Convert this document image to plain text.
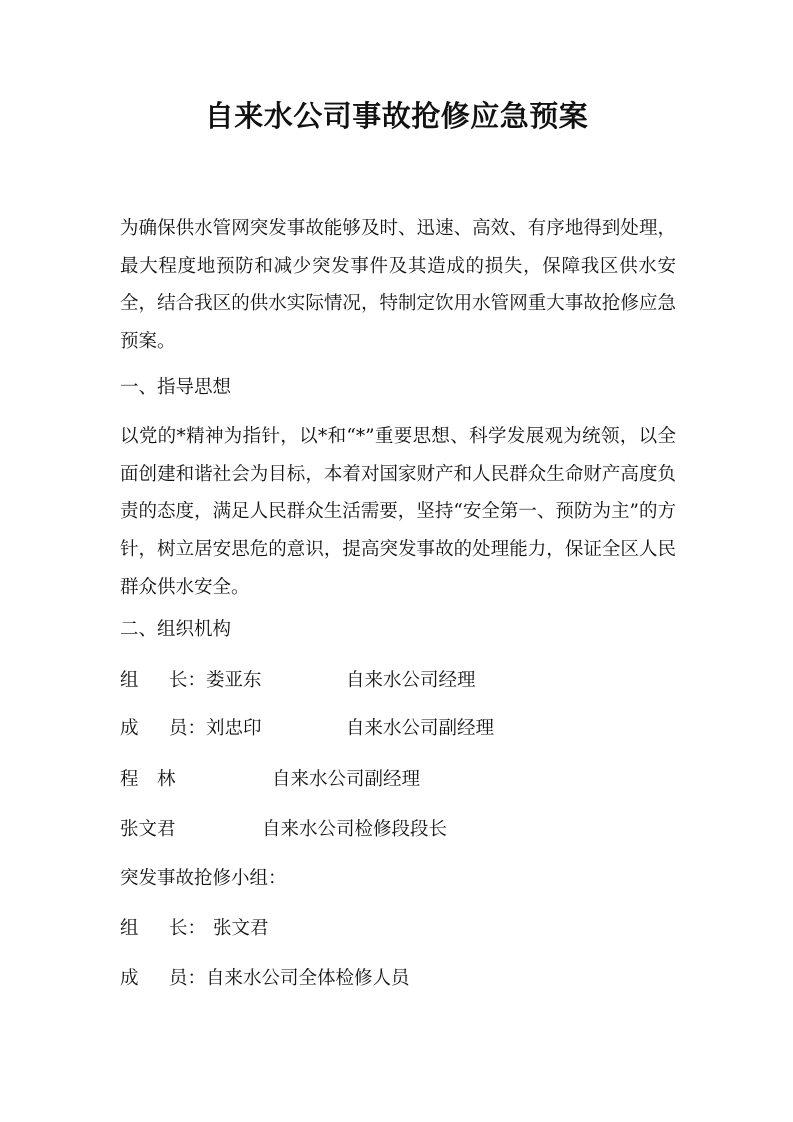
自来水公司事故抢修应急预案
为确保供水管网突发事故能够及时、迅速、高效、有序地得到处理，最大程度地预防和减少突发事件及其造成的损失，保障我区供水安全，结合我区的供水实际情况，特制定饮用水管网重大事故抢修应急预案。
一、指导思想
以党的*精神为指针，以*和“*”重要思想、科学发展观为统领，以全面创建和谐社会为目标，本着对国家财产和人民群众生命财产高度负责的态度，满足人民群众生活需要，坚持“安全第一、预防为主”的方针，树立居安思危的意识，提高突发事故的处理能力，保证全区人民群众供水安全。
二、组织机构
组 长：娄亚东	自来水公司经理
成 员：刘忠印	自来水公司副经理
程 林	自来水公司副经理
张文君	自来水公司检修段段长
突发事故抢修小组：
组 长： 张文君
成 员：自来水公司全体检修人员
